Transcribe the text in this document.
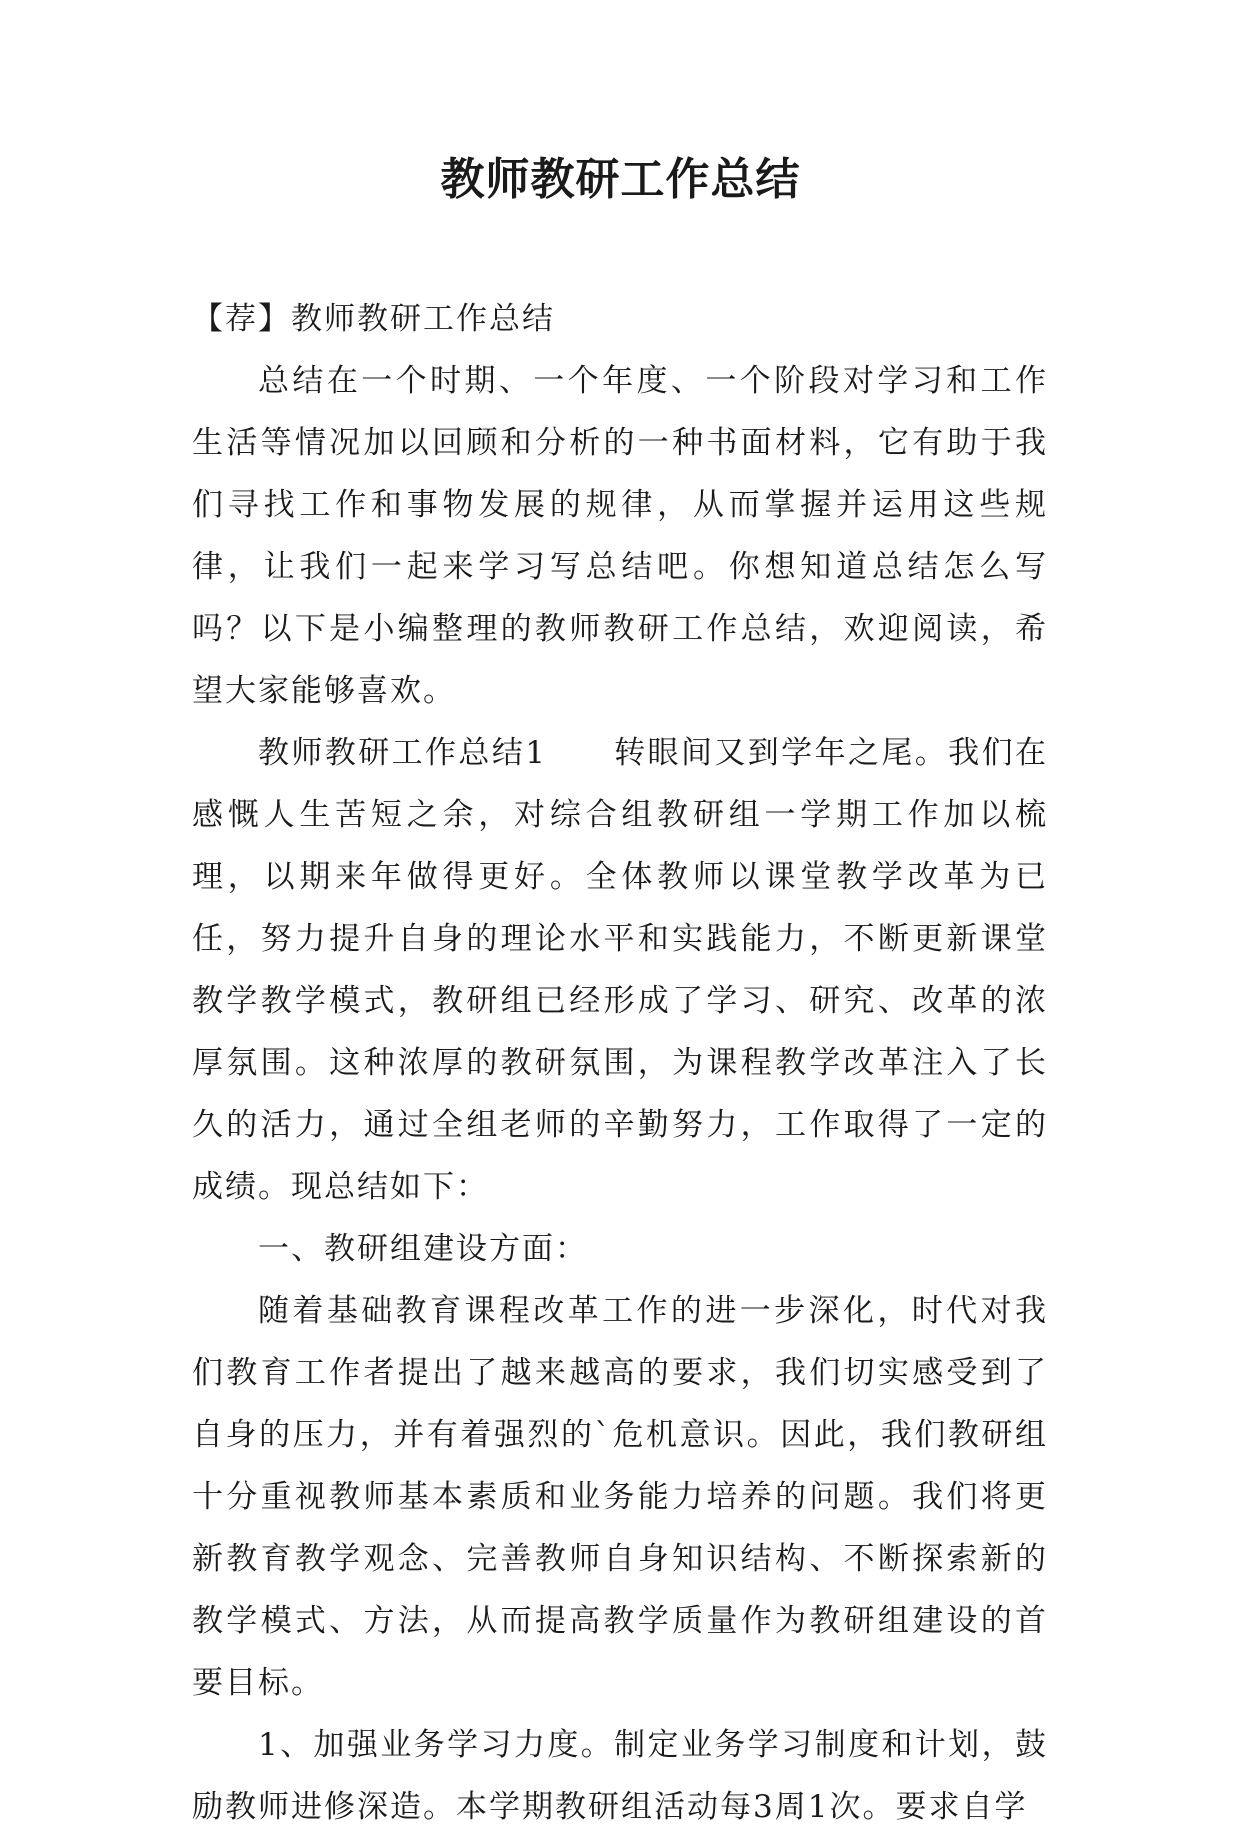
教师教研工作总结

【荐】教师教研工作总结

总结在一个时期、一个年度、一个阶段对学习和工作生活等情况加以回顾和分析的一种书面材料，它有助于我们寻找工作和事物发展的规律，从而掌握并运用这些规律，让我们一起来学习写总结吧。你想知道总结怎么写吗？以下是小编整理的教师教研工作总结，欢迎阅读，希望大家能够喜欢。

教师教研工作总结1　　转眼间又到学年之尾。我们在感慨人生苦短之余，对综合组教研组一学期工作加以梳理，以期来年做得更好。全体教师以课堂教学改革为已任，努力提升自身的理论水平和实践能力，不断更新课堂教学教学模式，教研组已经形成了学习、研究、改革的浓厚氛围。这种浓厚的教研氛围，为课程教学改革注入了长久的活力，通过全组老师的辛勤努力，工作取得了一定的成绩。现总结如下：

一、教研组建设方面：

随着基础教育课程改革工作的进一步深化，时代对我们教育工作者提出了越来越高的要求，我们切实感受到了自身的压力，并有着强烈的`危机意识。因此，我们教研组十分重视教师基本素质和业务能力培养的问题。我们将更新教育教学观念、完善教师自身知识结构、不断探索新的教学模式、方法，从而提高教学质量作为教研组建设的首要目标。

1、加强业务学习力度。制定业务学习制度和计划，鼓励教师进修深造。本学期教研组活动每3周1次。要求自学
